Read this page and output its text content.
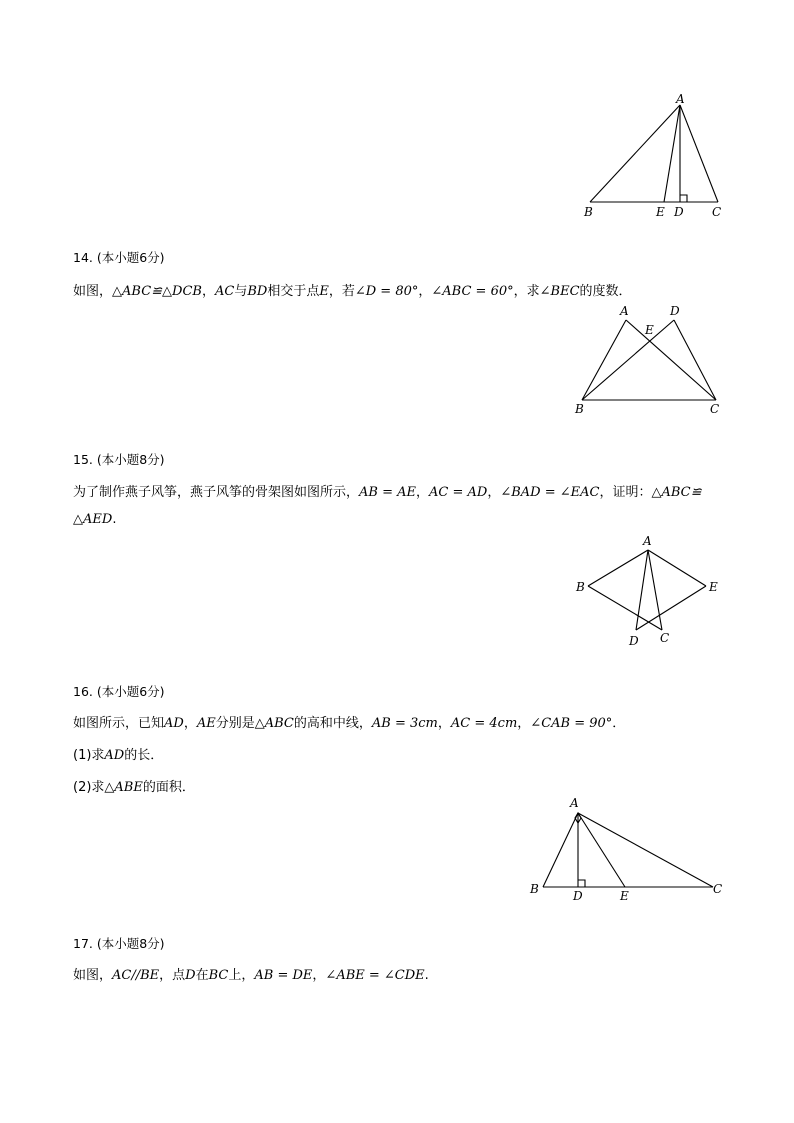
A
B	E D C
14. (本小题6分)
如图，△ABC≌△DCB，AC与BD相交于点E，若∠D = 80°，∠ABC = 60°，求∠BEC的度数．
A	D
E
B	C
15. (本小题8分)
为了制作燕子风筝，燕子风筝的骨架图如图所示，AB = AE，AC = AD，∠BAD = ∠EAC，证明：△ABC≌
△AED.
A
B	E
D C
16. (本小题6分)
如图所示，已知AD，AE分别是△ABC的高和中线，AB = 3cm，AC = 4cm，∠CAB = 90°．
(1)求AD的长．
(2)求△ABE的面积．
A
B	D	E	C
17. (本小题8分)
如图，AC//BE，点D在BC上，AB = DE，∠ABE = ∠CDE.
